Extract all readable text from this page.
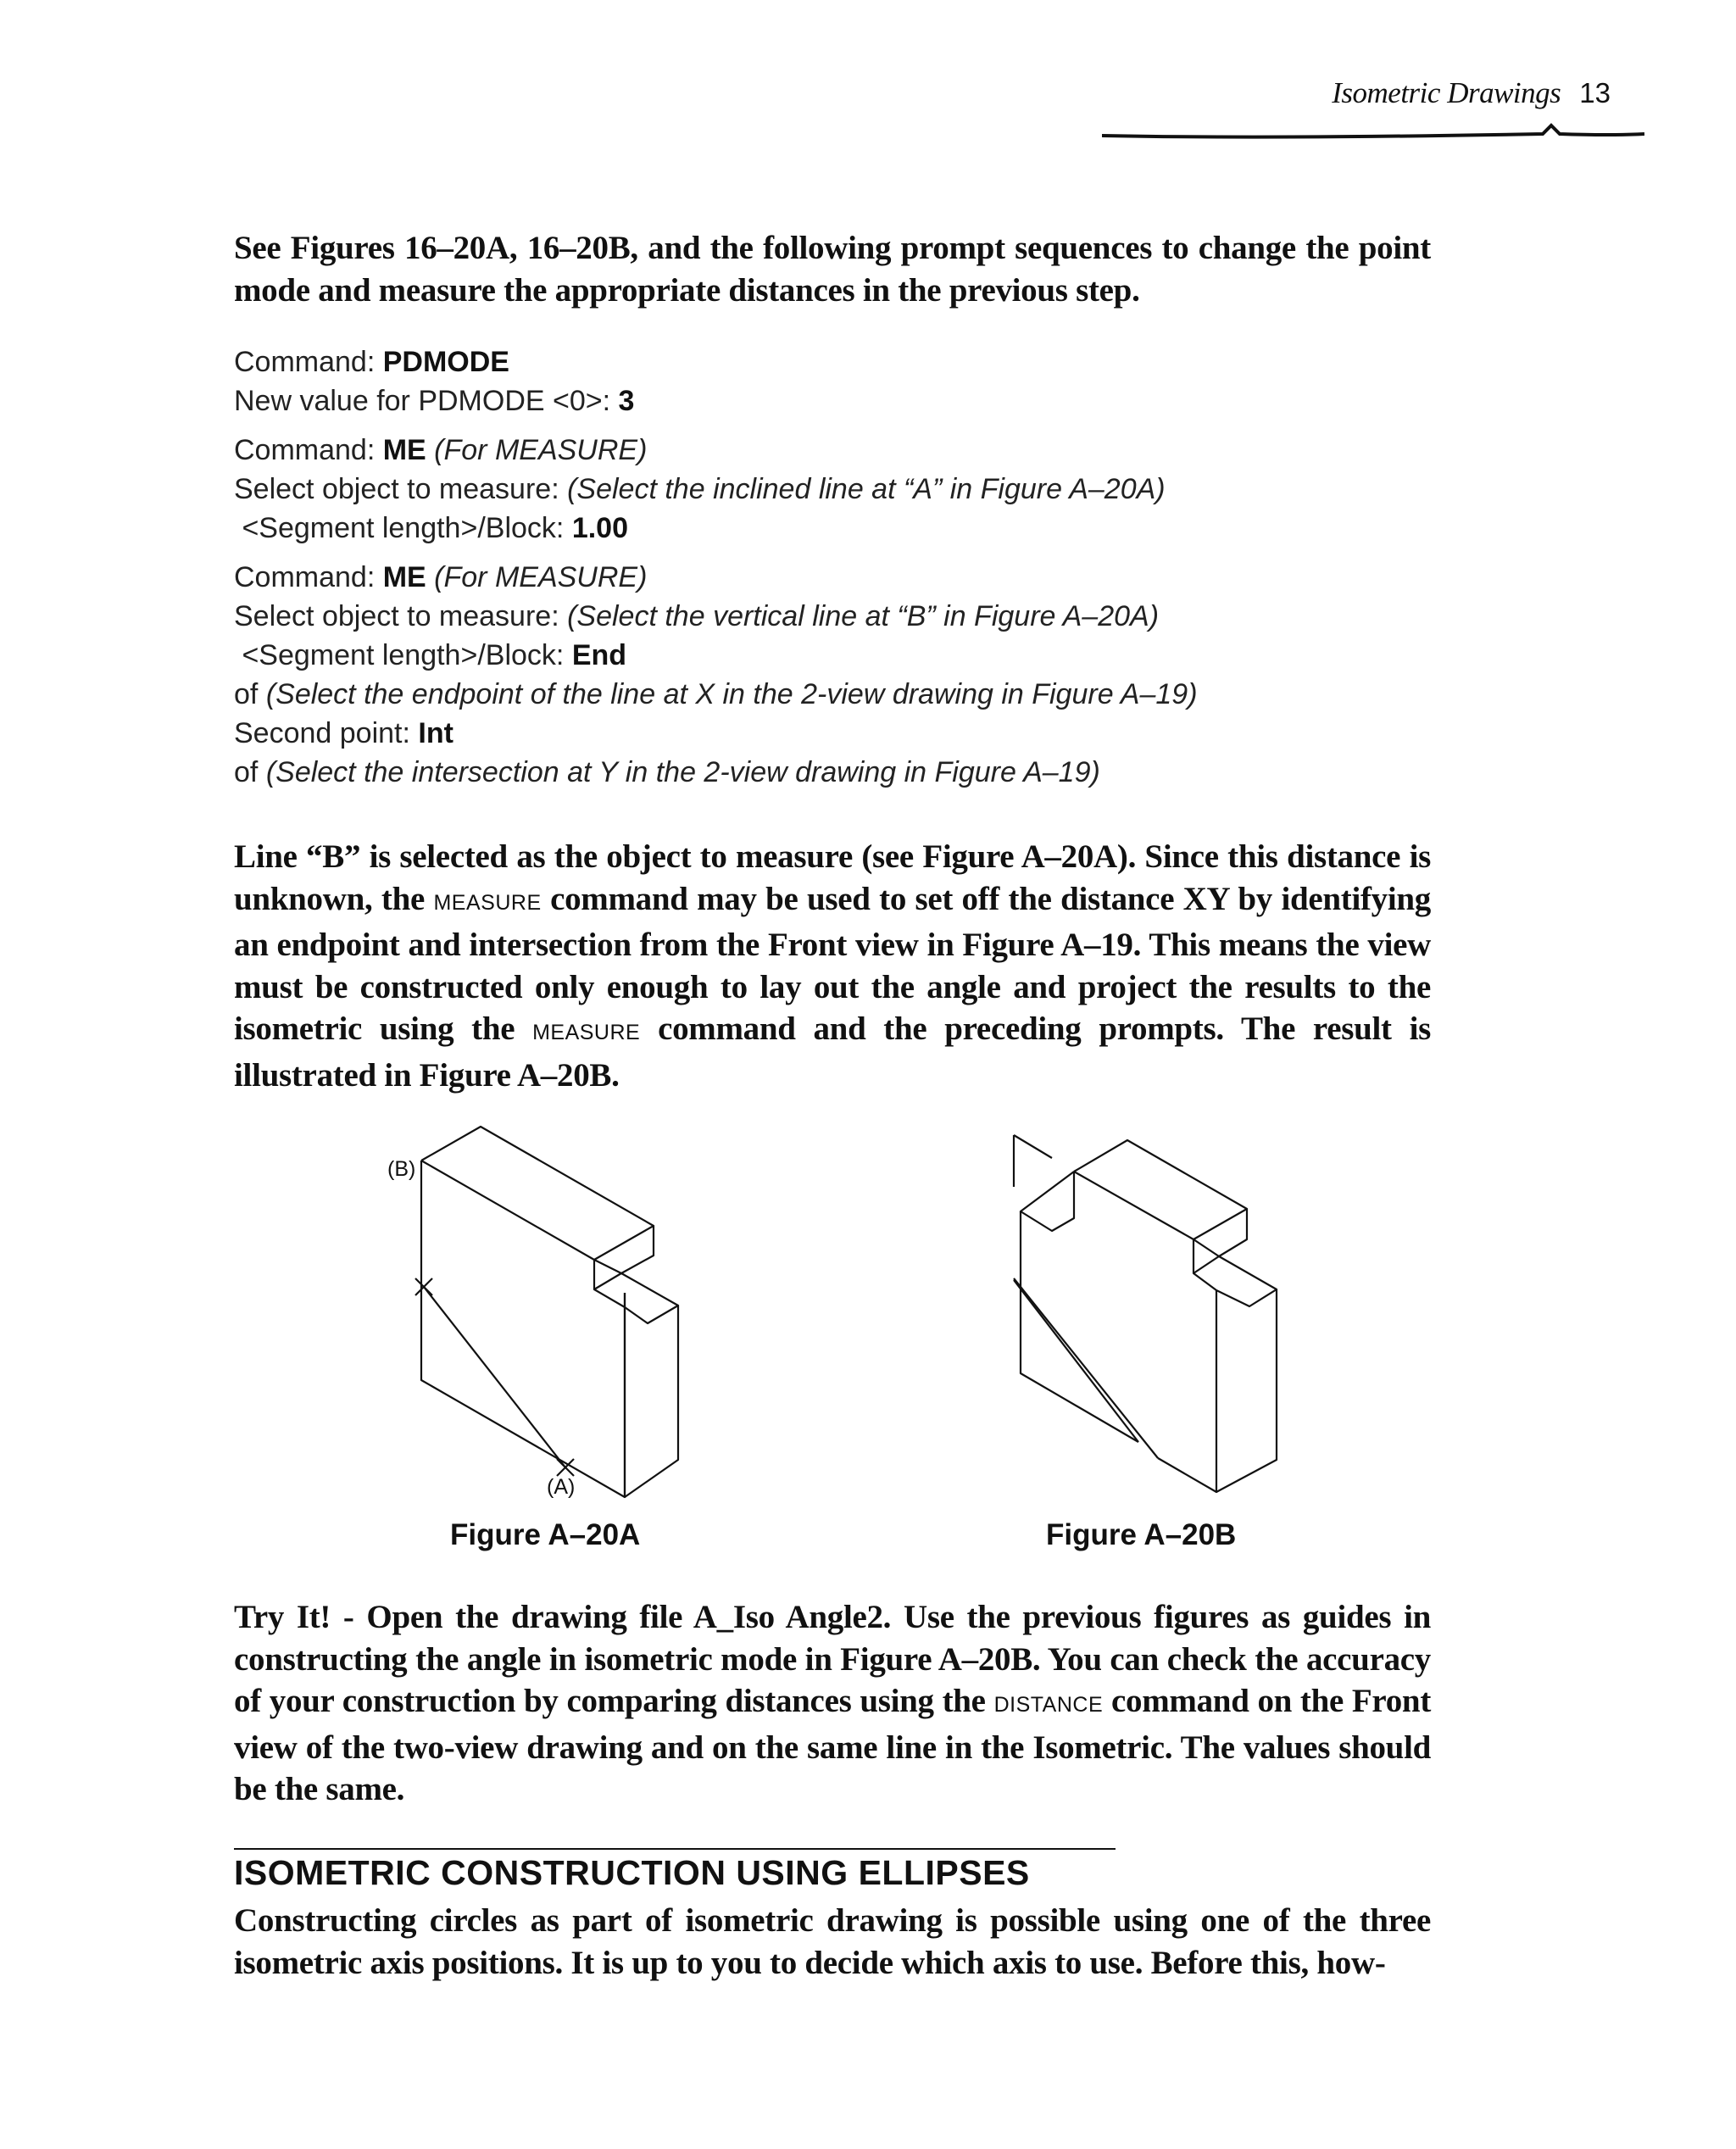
Isometric Drawings 13
See Figures 16–20A, 16–20B, and the following prompt sequences to change the point mode and measure the appropriate distances in the previous step.
Command: PDMODE
New value for PDMODE <0>: 3
Command: ME (For MEASURE)
Select object to measure: (Select the inclined line at “A” in Figure A–20A)
<Segment length>/Block: 1.00
Command: ME (For MEASURE)
Select object to measure: (Select the vertical line at “B” in Figure A–20A)
<Segment length>/Block: End
of (Select the endpoint of the line at X in the 2-view drawing in Figure A–19)
Second point: Int
of (Select the intersection at Y in the 2-view drawing in Figure A–19)
Line “B” is selected as the object to measure (see Figure A–20A). Since this distance is unknown, the MEASURE command may be used to set off the distance XY by identifying an endpoint and intersection from the Front view in Figure A–19. This means the view must be constructed only enough to lay out the angle and project the results to the isometric using the MEASURE command and the preceding prompts. The result is illustrated in Figure A–20B.
(B)
(A)
Figure A–20A	Figure A–20B
Try It! - Open the drawing file A_Iso Angle2. Use the previous figures as guides in constructing the angle in isometric mode in Figure A–20B. You can check the accuracy of your construction by comparing distances using the DISTANCE command on the Front view of the two-view drawing and on the same line in the Isometric. The values should be the same.
ISOMETRIC CONSTRUCTION USING ELLIPSES
Constructing circles as part of isometric drawing is possible using one of the three isometric axis positions. It is up to you to decide which axis to use. Before this, how-
